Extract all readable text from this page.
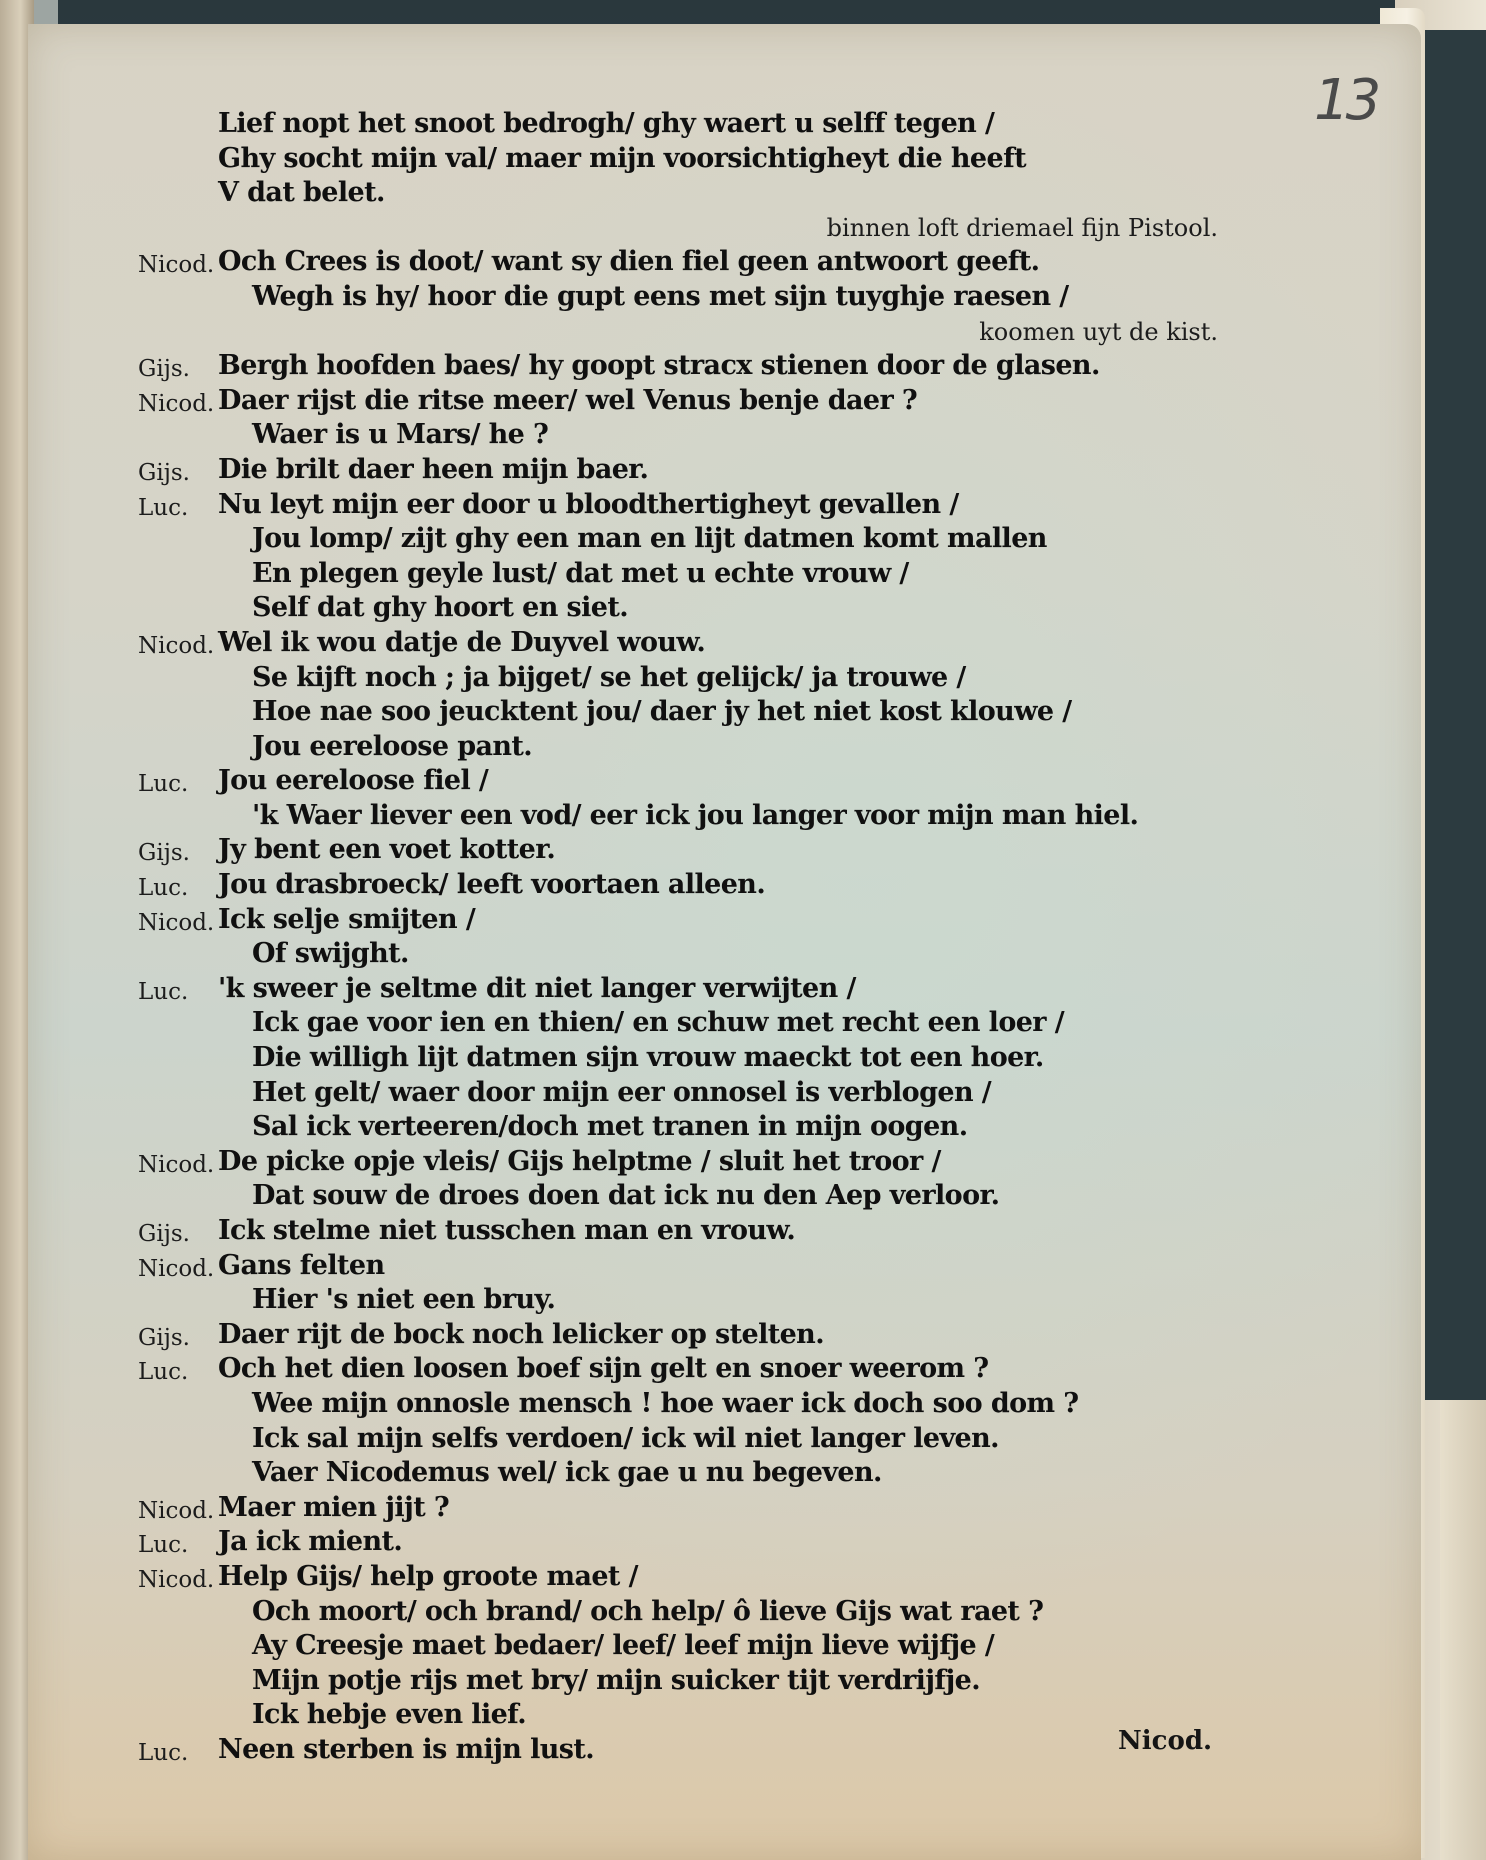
13
Lief nopt het snoot bedrogh/ ghy waert u selff tegen /
Ghy socht mijn val/ maer mijn voorsichtigheyt die heeft
V dat belet.
binnen loft driemael fijn Pistool.
Nicod. Och Crees is doot/ want sy dien fiel geen antwoort geeft.
Wegh is hy/ hoor die gupt eens met sijn tuyghje raesen /
koomen uyt de kist.
Gijs. Bergh hoofden baes/ hy goopt stracx stienen door de glasen.
Nicod. Daer rijst die ritse meer/ wel Venus benje daer ?
Waer is u Mars/ he ?
Gijs. Die brilt daer heen mijn baer.
Luc. Nu leyt mijn eer door u bloodthertigheyt gevallen /
Jou lomp/ zijt ghy een man en lijt datmen komt mallen
En plegen geyle lust/ dat met u echte vrouw /
Self dat ghy hoort en siet.
Nicod. Wel ik wou datje de Duyvel wouw.
Se kijft noch ; ja bijget/ se het gelijck/ ja trouwe /
Hoe nae soo jeucktent jou/ daer jy het niet kost klouwe /
Jou eereloose pant.
Luc. Jou eereloose fiel /
'k Waer liever een vod/ eer ick jou langer voor mijn man hiel.
Gijs. Jy bent een voet kotter.
Luc. Jou drasbroeck/ leeft voortaen alleen.
Nicod. Ick selje smijten /
Of swijght.
Luc. 'k sweer je seltme dit niet langer verwijten /
Ick gae voor ien en thien/ en schuw met recht een loer /
Die willigh lijt datmen sijn vrouw maeckt tot een hoer.
Het gelt/ waer door mijn eer onnosel is verblogen /
Sal ick verteeren/doch met tranen in mijn oogen.
Nicod. De picke opje vleis/ Gijs helptme / sluit het troor /
Dat souw de droes doen dat ick nu den Aep verloor.
Gijs. Ick stelme niet tusschen man en vrouw.
Nicod. Gans felten
Hier 's niet een bruy.
Gijs. Daer rijt de bock noch lelicker op stelten.
Luc. Och het dien loosen boef sijn gelt en snoer weerom ?
Wee mijn onnosle mensch ! hoe waer ick doch soo dom ?
Ick sal mijn selfs verdoen/ ick wil niet langer leven.
Vaer Nicodemus wel/ ick gae u nu begeven.
Nicod. Maer mien jijt ?
Luc. Ja ick mient.
Nicod. Help Gijs/ help groote maet /
Och moort/ och brand/ och help/ ô lieve Gijs wat raet ?
Ay Creesje maet bedaer/ leef/ leef mijn lieve wijfje /
Mijn potje rijs met bry/ mijn suicker tijt verdrijfje.
Ick hebje even lief.
Luc. Neen sterben is mijn lust.	Nicod.
